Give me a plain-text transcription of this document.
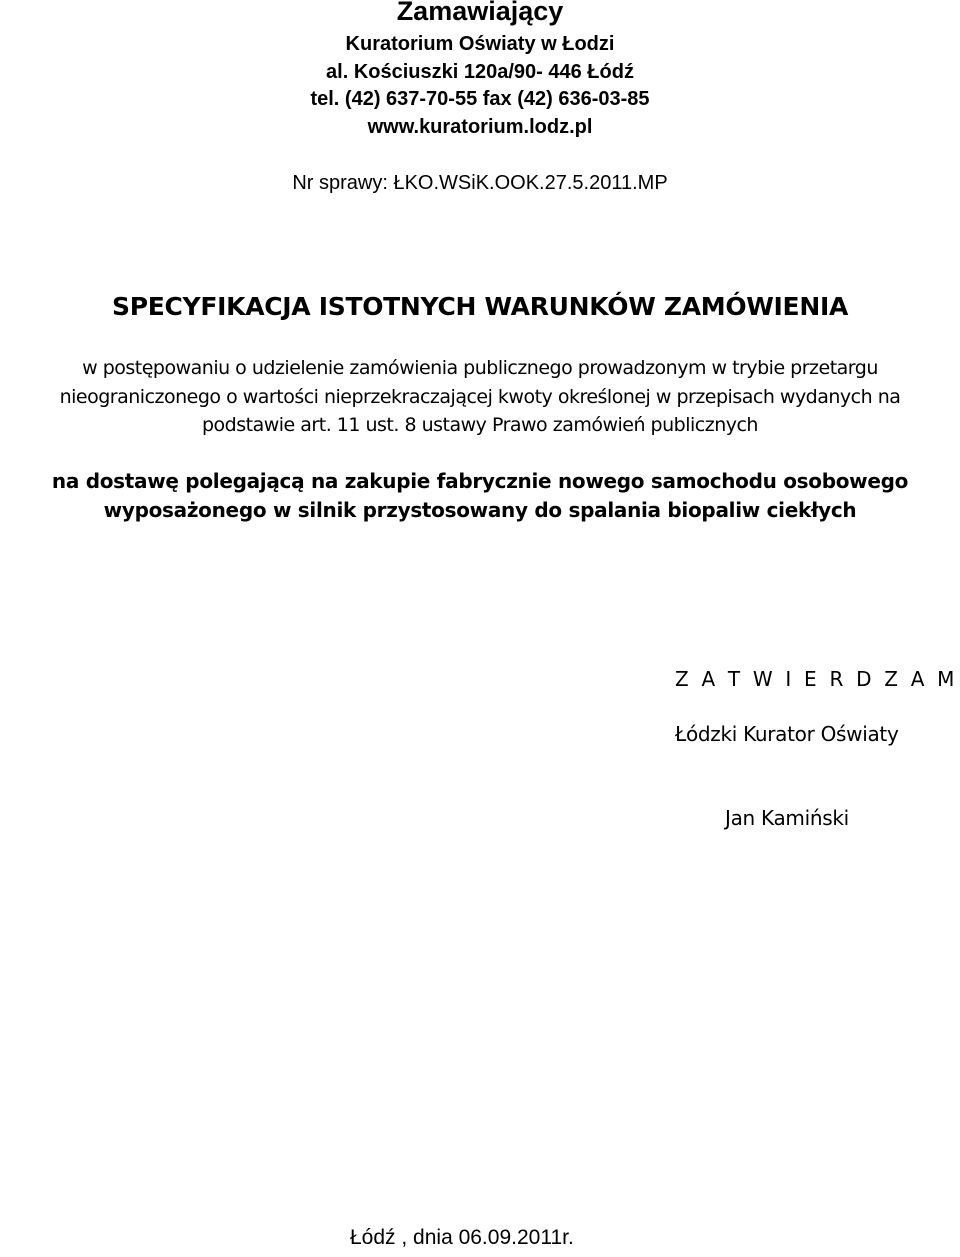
Zamawiający

Kuratorium Oświaty w Łodzi

al. Kościuszki 120a/90- 446 Łódź

tel. (42) 637-70-55 fax (42) 636-03-85

www.kuratorium.lodz.pl

Nr sprawy: ŁKO.WSiK.OOK.27.5.2011.MP

SPECYFIKACJA ISTOTNYCH WARUNKÓW ZAMÓWIENIA

w postępowaniu o udzielenie zamówienia publicznego prowadzonym w trybie przetargu

nieograniczonego o wartości nieprzekraczającej kwoty określonej w przepisach wydanych na

podstawie art. 11 ust. 8 ustawy Prawo zamówień publicznych

na dostawę polegającą na zakupie fabrycznie nowego samochodu osobowego

wyposażonego w silnik przystosowany do spalania biopaliw ciekłych

Z A T W I E R D Z A M

Łódzki Kurator Oświaty

Jan Kamiński

Łódź , dnia 06.09.2011r.
